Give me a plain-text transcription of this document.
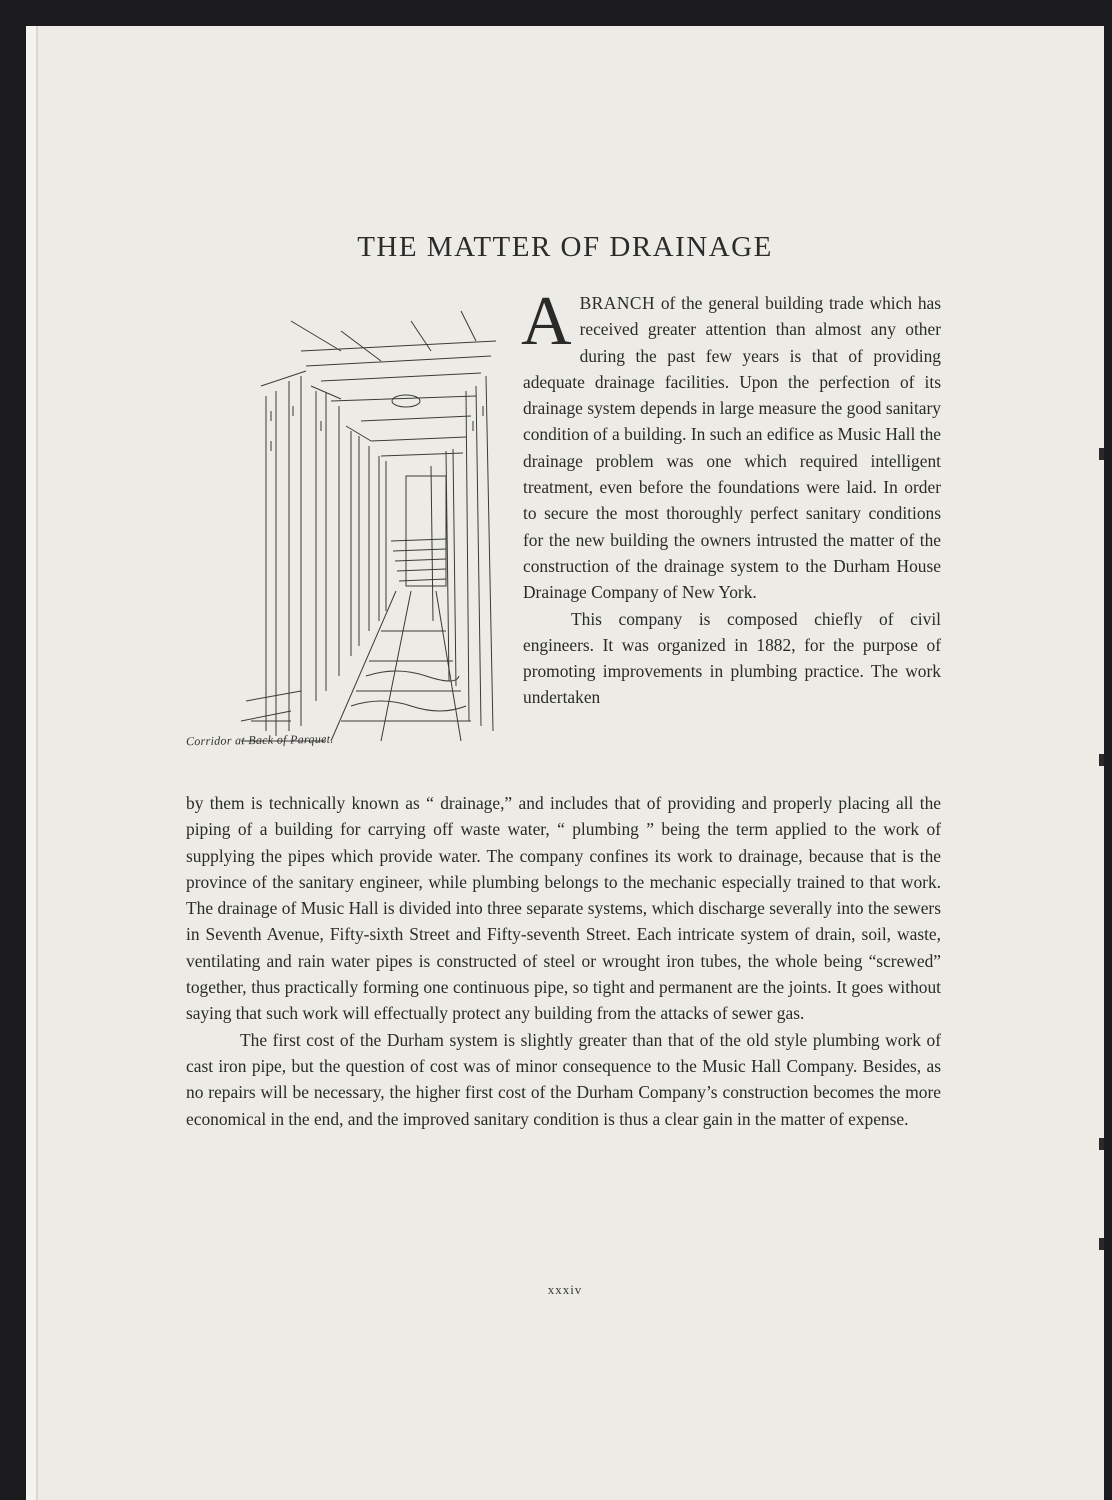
THE MATTER OF DRAINAGE
Corridor at Back of Parquet.

ABRANCH of the general building trade which has received greater attention than almost any other during the past few years is that of providing adequate drainage facilities. Upon the perfection of its drainage system depends in large measure the good sanitary condition of a building. In such an edifice as Music Hall the drainage problem was one which required intelligent treatment, even before the foundations were laid. In order to secure the most thoroughly perfect sanitary conditions for the new building the owners intrusted the matter of the construction of the drainage system to the Durham House Drainage Company of New York.

This company is composed chiefly of civil engineers. It was organized in 1882, for the purpose of promoting improvements in plumbing practice. The work undertaken

by them is technically known as “ drainage,” and includes that of providing and properly placing all the piping of a building for carrying off waste water, “ plumbing ” being the term applied to the work of supplying the pipes which provide water. The company confines its work to drainage, because that is the province of the sanitary engineer, while plumbing belongs to the mechanic especially trained to that work. The drainage of Music Hall is divided into three separate systems, which discharge severally into the sewers in Seventh Avenue, Fifty-sixth Street and Fifty-seventh Street. Each intricate system of drain, soil, waste, ventilating and rain water pipes is constructed of steel or wrought iron tubes, the whole being “screwed” together, thus practically forming one continuous pipe, so tight and permanent are the joints. It goes without saying that such work will effectually protect any building from the attacks of sewer gas.

The first cost of the Durham system is slightly greater than that of the old style plumbing work of cast iron pipe, but the question of cost was of minor consequence to the Music Hall Company. Besides, as no repairs will be necessary, the higher first cost of the Durham Company’s construction becomes the more economical in the end, and the improved sanitary condition is thus a clear gain in the matter of expense.

xxxiv
